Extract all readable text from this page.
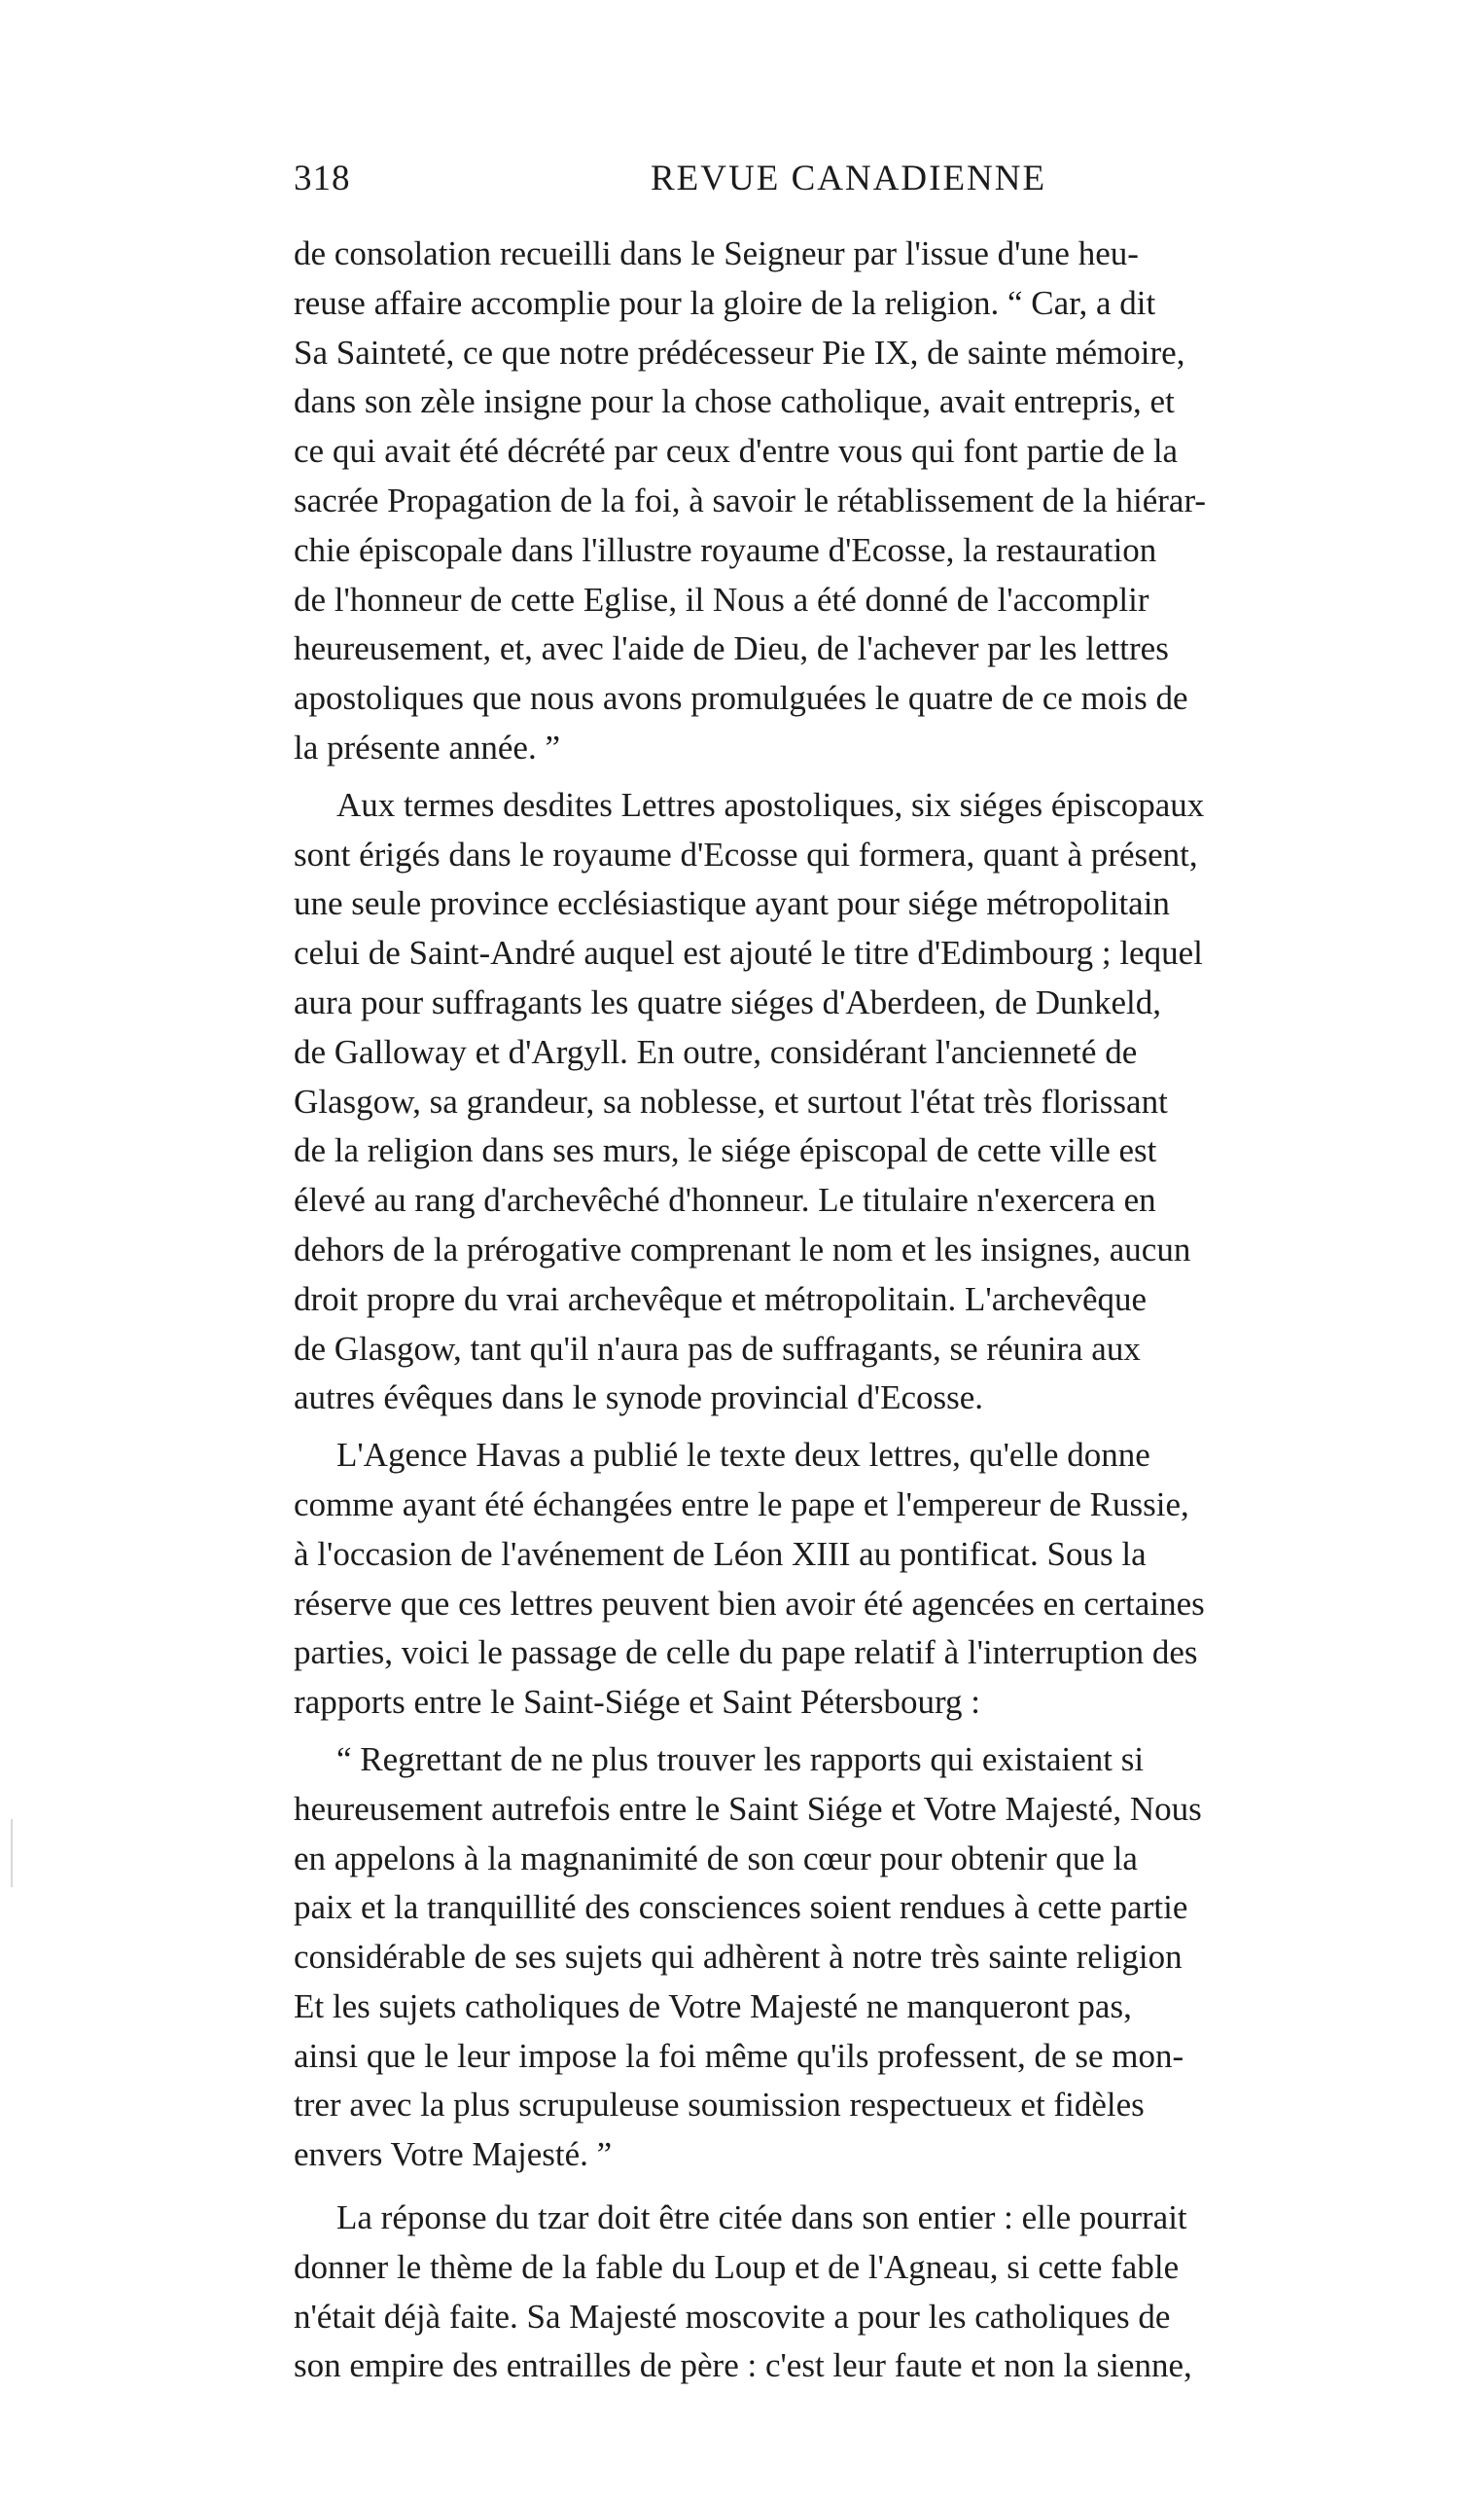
318	REVUE CANADIENNE
de consolation recueilli dans le Seigneur par l'issue d'une heu-
reuse affaire accomplie pour la gloire de la religion. “ Car, a dit
Sa Sainteté, ce que notre prédécesseur Pie IX, de sainte mémoire,
dans son zèle insigne pour la chose catholique, avait entrepris, et
ce qui avait été décrété par ceux d'entre vous qui font partie de la
sacrée Propagation de la foi, à savoir le rétablissement de la hiérar-
chie épiscopale dans l'illustre royaume d'Ecosse, la restauration
de l'honneur de cette Eglise, il Nous a été donné de l'accomplir
heureusement, et, avec l'aide de Dieu, de l'achever par les lettres
apostoliques que nous avons promulguées le quatre de ce mois de
la présente année. ”
Aux termes desdites Lettres apostoliques, six siéges épiscopaux
sont érigés dans le royaume d'Ecosse qui formera, quant à présent,
une seule province ecclésiastique ayant pour siége métropolitain
celui de Saint-André auquel est ajouté le titre d'Edimbourg ; lequel
aura pour suffragants les quatre siéges d'Aberdeen, de Dunkeld,
de Galloway et d'Argyll. En outre, considérant l'ancienneté de
Glasgow, sa grandeur, sa noblesse, et surtout l'état très florissant
de la religion dans ses murs, le siége épiscopal de cette ville est
élevé au rang d'archevêché d'honneur. Le titulaire n'exercera en
dehors de la prérogative comprenant le nom et les insignes, aucun
droit propre du vrai archevêque et métropolitain. L'archevêque
de Glasgow, tant qu'il n'aura pas de suffragants, se réunira aux
autres évêques dans le synode provincial d'Ecosse.
L'Agence Havas a publié le texte deux lettres, qu'elle donne
comme ayant été échangées entre le pape et l'empereur de Russie,
à l'occasion de l'avénement de Léon XIII au pontificat. Sous la
réserve que ces lettres peuvent bien avoir été agencées en certaines
parties, voici le passage de celle du pape relatif à l'interruption des
rapports entre le Saint-Siége et Saint Pétersbourg :
“ Regrettant de ne plus trouver les rapports qui existaient si
heureusement autrefois entre le Saint Siége et Votre Majesté, Nous
en appelons à la magnanimité de son cœur pour obtenir que la
paix et la tranquillité des consciences soient rendues à cette partie
considérable de ses sujets qui adhèrent à notre très sainte religion
Et les sujets catholiques de Votre Majesté ne manqueront pas,
ainsi que le leur impose la foi même qu'ils professent, de se mon-
trer avec la plus scrupuleuse soumission respectueux et fidèles
envers Votre Majesté. ”
La réponse du tzar doit être citée dans son entier : elle pourrait
donner le thème de la fable du Loup et de l'Agneau, si cette fable
n'était déjà faite. Sa Majesté moscovite a pour les catholiques de
son empire des entrailles de père : c'est leur faute et non la sienne,
